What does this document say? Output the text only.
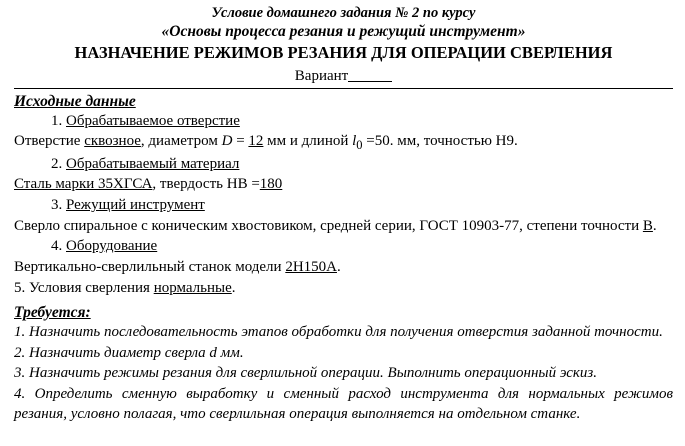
Условие домашнего задания № 2 по курсу
«Основы процесса резания и режущий инструмент»
НАЗНАЧЕНИЕ РЕЖИМОВ РЕЗАНИЯ ДЛЯ ОПЕРАЦИИ СВЕРЛЕНИЯ
Вариант
Исходные данные
1. Обрабатываемое отверстие

Отверстие сквозное, диаметром D = 12 мм и длиной $l_0 =50$. мм, точностью Н9.

2. Обрабатываемый материал

Сталь марки 35ХГСА, твердость НВ =180

3. Режущий инструмент

Сверло спиральное с коническим хвостовиком, средней серии, ГОСТ 10903-77, степени точности В.

4. Оборудование

Вертикально-сверлильный станок модели 2Н150А.

5. Условия сверления нормальные.

Требуется:

1. Назначить последовательность этапов обработки для получения отверстия заданной точности.

2. Назначить диаметр сверла d мм.

3. Назначить режимы резания для сверлильной операции. Выполнить операционный эскиз.

4. Определить сменную выработку и сменный расход инструмента для нормальных режимов резания, условно полагая, что сверлильная операция выполняется на отдельном станке.
